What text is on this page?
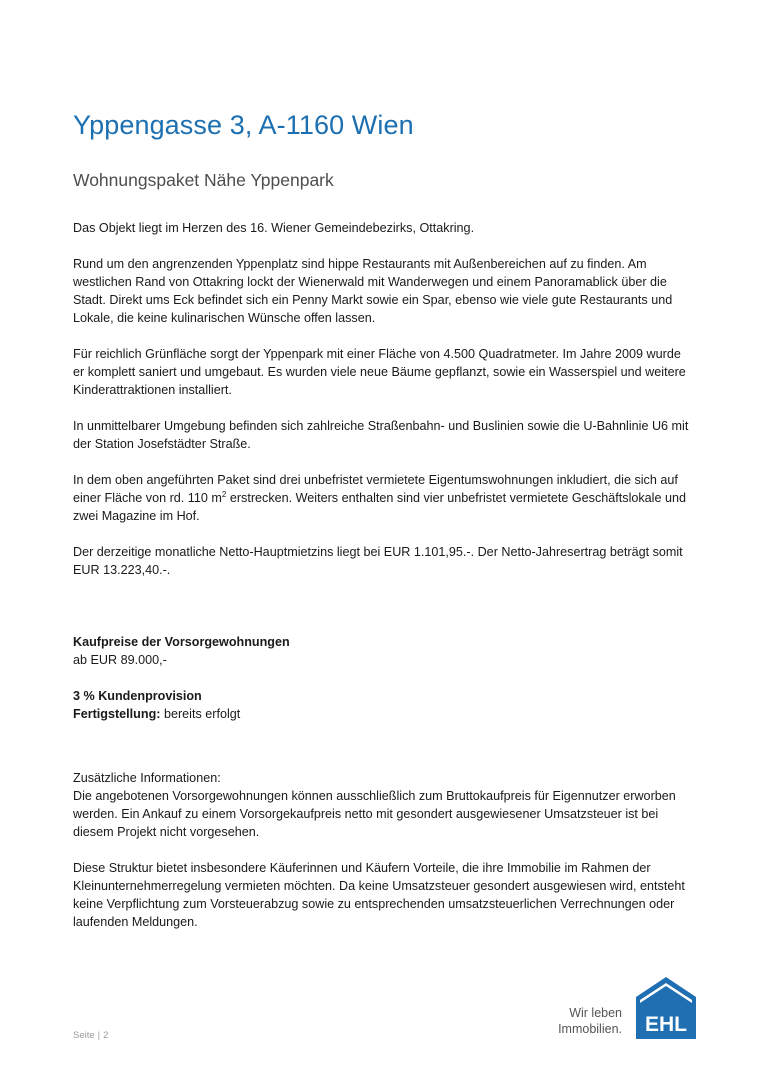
Yppengasse 3, A-1160 Wien
Wohnungspaket Nähe Yppenpark

Das Objekt liegt im Herzen des 16. Wiener Gemeindebezirks, Ottakring.

Rund um den angrenzenden Yppenplatz sind hippe Restaurants mit Außenbereichen auf zu finden. Am westlichen Rand von Ottakring lockt der Wienerwald mit Wanderwegen und einem Panoramablick über die Stadt. Direkt ums Eck befindet sich ein Penny Markt sowie ein Spar, ebenso wie viele gute Restaurants und Lokale, die keine kulinarischen Wünsche offen lassen.

Für reichlich Grünfläche sorgt der Yppenpark mit einer Fläche von 4.500 Quadratmeter. Im Jahre 2009 wurde er komplett saniert und umgebaut. Es wurden viele neue Bäume gepflanzt, sowie ein Wasserspiel und weitere Kinderattraktionen installiert.

In unmittelbarer Umgebung befinden sich zahlreiche Straßenbahn- und Buslinien sowie die U-Bahnlinie U6 mit der Station Josefstädter Straße.

In dem oben angeführten Paket sind drei unbefristet vermietete Eigentumswohnungen inkludiert, die sich auf einer Fläche von rd. 110 $m^2$ erstrecken. Weiters enthalten sind vier unbefristet vermietete Geschäftslokale und zwei Magazine im Hof.

Der derzeitige monatliche Netto-Hauptmietzins liegt bei EUR 1.101,95.-. Der Netto-Jahresertrag beträgt somit EUR 13.223,40.-.

Kaufpreise der Vorsorgewohnungen
ab EUR 89.000,-
3 % Kundenprovision
Fertigstellung: bereits erfolgt
Zusätzliche Informationen:

Die angebotenen Vorsorgewohnungen können ausschließlich zum Bruttokaufpreis für Eigennutzer erworben werden. Ein Ankauf zu einem Vorsorgekaufpreis netto mit gesondert ausgewiesener Umsatzsteuer ist bei diesem Projekt nicht vorgesehen.

Diese Struktur bietet insbesondere Käuferinnen und Käufern Vorteile, die ihre Immobilie im Rahmen der Kleinunternehmerregelung vermieten möchten. Da keine Umsatzsteuer gesondert ausgewiesen wird, entsteht keine Verpflichtung zum Vorsteuerabzug sowie zu entsprechenden umsatzsteuerlichen Verrechnungen oder laufenden Meldungen.

Seite | 2
Wir leben
Immobilien. EHL
